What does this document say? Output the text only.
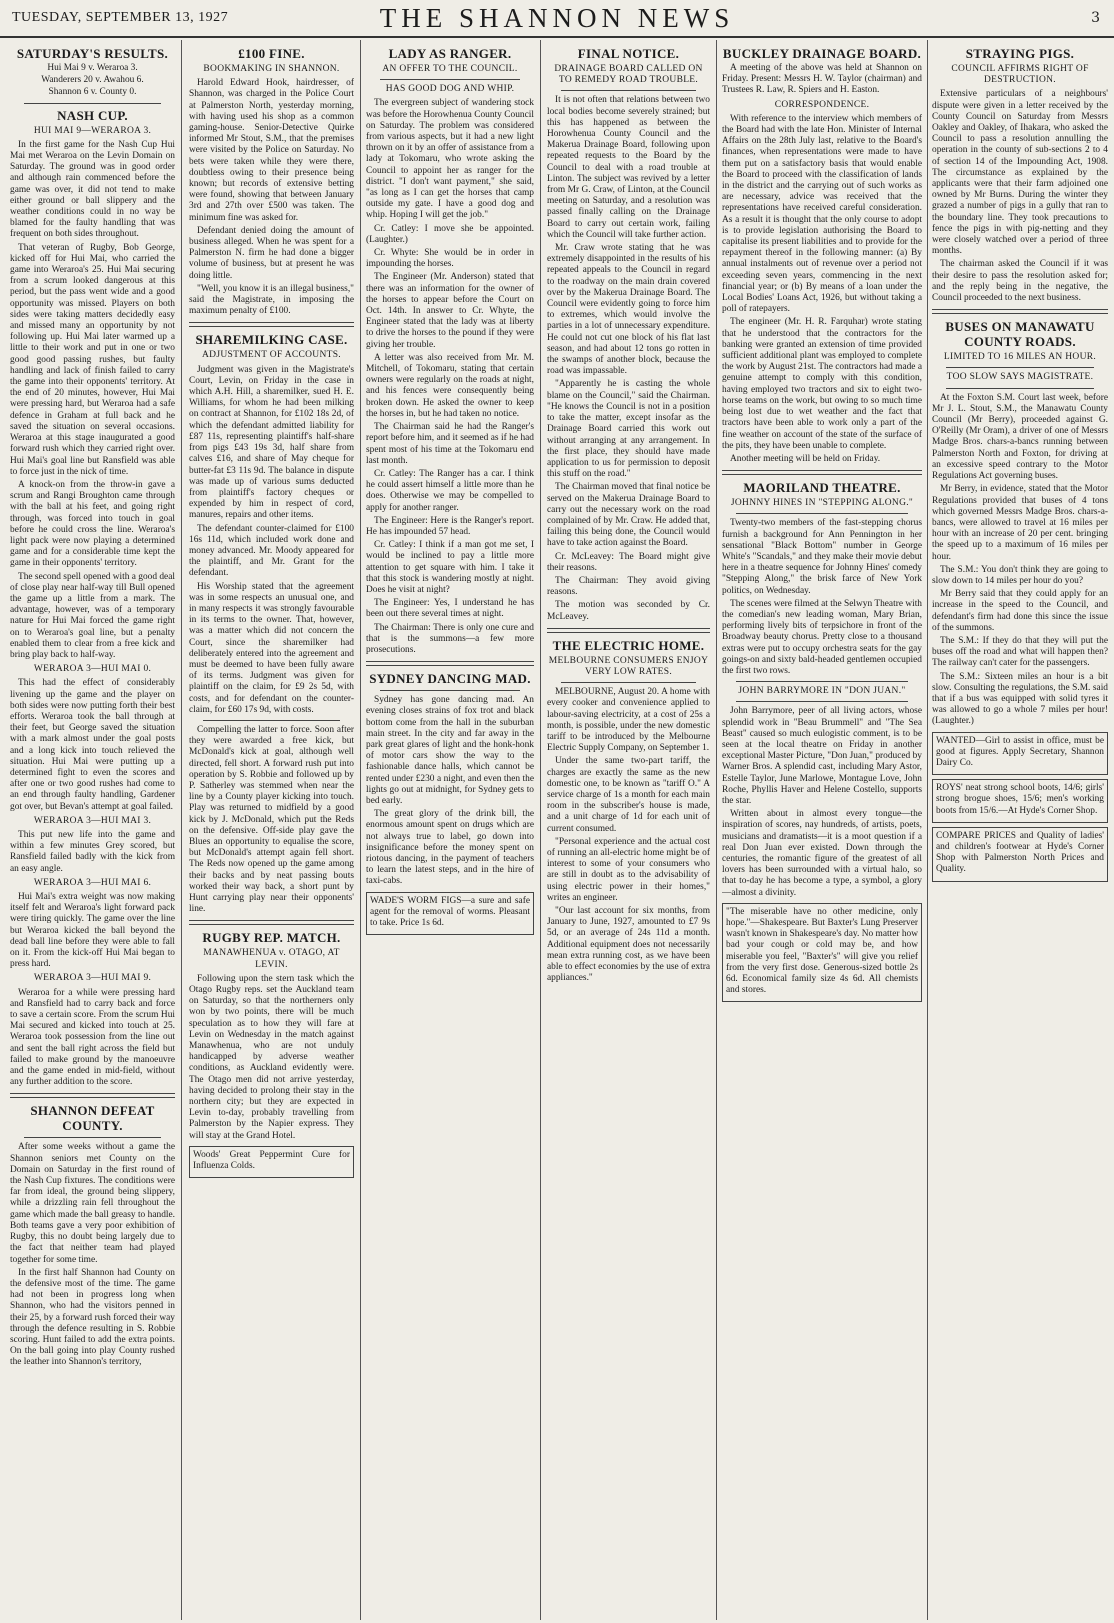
TUESDAY, SEPTEMBER 13, 1927	THE SHANNON NEWS	3
SATURDAY'S RESULTS.

Hui Mai 9 v. Weraroa 3.

Wanderers 20 v. Awahou 6.

Shannon 6 v. County 0.

NASH CUP.
HUI MAI 9—WERAROA 3.

In the first game for the Nash Cup Hui Mai met Weraroa on the Levin Domain on Saturday. The ground was in good order and although rain commenced before the game was over, it did not tend to make either ground or ball slippery and the weather conditions could in no way be blamed for the faulty handling that was frequent on both sides throughout.

That veteran of Rugby, Bob George, kicked off for Hui Mai, who carried the game into Weraroa's 25. Hui Mai securing from a scrum looked dangerous at this period, but the pass went wide and a good opportunity was missed. Players on both sides were taking matters decidedly easy and missed many an opportunity by not following up. Hui Mai later warmed up a little to their work and put in one or two good good passing rushes, but faulty handling and lack of finish failed to carry the game into their opponents' territory. At the end of 20 minutes, however, Hui Mai were pressing hard, but Weraroa had a safe defence in Graham at full back and he saved the situation on several occasions. Weraroa at this stage inaugurated a good forward rush which they carried right over. Hui Mai's goal line but Ransfield was able to force just in the nick of time.

A knock-on from the throw-in gave a scrum and Rangi Broughton came through with the ball at his feet, and going right through, was forced into touch in goal before he could cross the line. Weraroa's light pack were now playing a determined game and for a considerable time kept the game in their opponents' territory.

The second spell opened with a good deal of close play near half-way till Bull opened the game up a little from a mark. The advantage, however, was of a temporary nature for Hui Mai forced the game right on to Weraroa's goal line, but a penalty enabled them to clear from a free kick and bring play back to half-way.

WERAROA 3—HUI MAI 0.

This had the effect of considerably livening up the game and the player on both sides were now putting forth their best efforts. Weraroa took the ball through at their feet, but George saved the situation with a mark almost under the goal posts and a long kick into touch relieved the situation. Hui Mai were putting up a determined fight to even the scores and after one or two good rushes had come to an end through faulty handling, Gardener got over, but Bevan's attempt at goal failed.

WERAROA 3—HUI MAI 3.

This put new life into the game and within a few minutes Grey scored, but Ransfield failed badly with the kick from an easy angle.

WERAROA 3—HUI MAI 6.

Hui Mai's extra weight was now making itself felt and Weraroa's light forward pack were tiring quickly. The game over the line but Weraroa kicked the ball beyond the dead ball line before they were able to fall on it. From the kick-off Hui Mai began to press hard.

WERAROA 3—HUI MAI 9.

Weraroa for a while were pressing hard and Ransfield had to carry back and force to save a certain score. From the scrum Hui Mai secured and kicked into touch at 25. Weraroa took possession from the line out and sent the ball right across the field but failed to make ground by the manoeuvre and the game ended in mid-field, without any further addition to the score.

SHANNON DEFEAT COUNTY.

After some weeks without a game the Shannon seniors met County on the Domain on Saturday in the first round of the Nash Cup fixtures. The conditions were far from ideal, the ground being slippery, while a drizzling rain fell throughout the game which made the ball greasy to handle. Both teams gave a very poor exhibition of Rugby, this no doubt being largely due to the fact that neither team had played together for some time.

In the first half Shannon had County on the defensive most of the time. The game had not been in progress long when Shannon, who had the visitors penned in their 25, by a forward rush forced their way through the defence resulting in S. Robbie scoring. Hunt failed to add the extra points. On the ball going into play County rushed the leather into Shannon's territory,

£100 FINE.
BOOKMAKING IN SHANNON.

Harold Edward Hook, hairdresser, of Shannon, was charged in the Police Court at Palmerston North, yesterday morning, with having used his shop as a common gaming-house. Senior-Detective Quirke informed Mr Stout, S.M., that the premises were visited by the Police on Saturday. No bets were taken while they were there, doubtless owing to their presence being known; but records of extensive betting were found, showing that between January 3rd and 27th over £500 was taken. The minimum fine was asked for.

Defendant denied doing the amount of business alleged. When he was spent for a Palmerston N. firm he had done a bigger volume of business, but at present he was doing little.

"Well, you know it is an illegal business," said the Magistrate, in imposing the maximum penalty of £100.

SHAREMILKING CASE.
ADJUSTMENT OF ACCOUNTS.

Judgment was given in the Magistrate's Court, Levin, on Friday in the case in which A.H. Hill, a sharemilker, sued H. E. Williams, for whom he had been milking on contract at Shannon, for £102 18s 2d, of which the defendant admitted liability for £87 11s, representing plaintiff's half-share from pigs £43 19s 3d, half share from calves £16, and share of May cheque for butter-fat £3 11s 9d. The balance in dispute was made up of various sums deducted from plaintiff's factory cheques or expended by him in respect of cord, manures, repairs and other items.

The defendant counter-claimed for £100 16s 11d, which included work done and money advanced. Mr. Moody appeared for the plaintiff, and Mr. Grant for the defendant.

His Worship stated that the agreement was in some respects an unusual one, and in many respects it was strongly favourable in its terms to the owner. That, however, was a matter which did not concern the Court, since the sharemilker had deliberately entered into the agreement and must be deemed to have been fully aware of its terms. Judgment was given for plaintiff on the claim, for £9 2s 5d, with costs, and for defendant on the counter-claim, for £60 17s 9d, with costs.

Compelling the latter to force. Soon after they were awarded a free kick, but McDonald's kick at goal, although well directed, fell short. A forward rush put into operation by S. Robbie and followed up by P. Satherley was stemmed when near the line by a County player kicking into touch. Play was returned to midfield by a good kick by J. McDonald, which put the Reds on the defensive. Off-side play gave the Blues an opportunity to equalise the score, but McDonald's attempt again fell short. The Reds now opened up the game among their backs and by neat passing bouts worked their way back, a short punt by Hunt carrying play near their opponents' line.

RUGBY REP. MATCH.
MANAWHENUA v. OTAGO, AT LEVIN.

Following upon the stern task which the Otago Rugby reps. set the Auckland team on Saturday, so that the northerners only won by two points, there will be much speculation as to how they will fare at Levin on Wednesday in the match against Manawhenua, who are not unduly handicapped by adverse weather conditions, as Auckland evidently were. The Otago men did not arrive yesterday, having decided to prolong their stay in the northern city; but they are expected in Levin to-day, probably travelling from Palmerston by the Napier express. They will stay at the Grand Hotel.

Woods' Great Peppermint Cure for Influenza Colds.

LADY AS RANGER.
AN OFFER TO THE COUNCIL.
HAS GOOD DOG AND WHIP.

The evergreen subject of wandering stock was before the Horowhenua County Council on Saturday. The problem was considered from various aspects, but it had a new light thrown on it by an offer of assistance from a lady at Tokomaru, who wrote asking the Council to appoint her as ranger for the district. "I don't want payment," she said, "as long as I can get the horses that camp outside my gate. I have a good dog and whip. Hoping I will get the job."

Cr. Catley: I move she be appointed. (Laughter.)

Cr. Whyte: She would be in order in impounding the horses.

The Engineer (Mr. Anderson) stated that there was an information for the owner of the horses to appear before the Court on Oct. 14th. In answer to Cr. Whyte, the Engineer stated that the lady was at liberty to drive the horses to the pound if they were giving her trouble.

A letter was also received from Mr. M. Mitchell, of Tokomaru, stating that certain owners were regularly on the roads at night, and his fences were consequently being broken down. He asked the owner to keep the horses in, but he had taken no notice.

The Chairman said he had the Ranger's report before him, and it seemed as if he had spent most of his time at the Tokomaru end last month.

Cr. Catley: The Ranger has a car. I think he could assert himself a little more than he does. Otherwise we may be compelled to apply for another ranger.

The Engineer: Here is the Ranger's report. He has impounded 57 head.

Cr. Catley: I think if a man got me set, I would be inclined to pay a little more attention to get square with him. I take it that this stock is wandering mostly at night. Does he visit at night?

The Engineer: Yes, I understand he has been out there several times at night.

The Chairman: There is only one cure and that is the summons—a few more prosecutions.

SYDNEY DANCING MAD.

Sydney has gone dancing mad. An evening closes strains of fox trot and black bottom come from the hall in the suburban main street. In the city and far away in the park great glares of light and the honk-honk of motor cars show the way to the fashionable dance halls, which cannot be rented under £230 a night, and even then the lights go out at midnight, for Sydney gets to bed early.

The great glory of the drink bill, the enormous amount spent on drugs which are not always true to label, go down into insignificance before the money spent on riotous dancing, in the payment of teachers to learn the latest steps, and in the hire of taxi-cabs.

WADE'S WORM FIGS—a sure and safe agent for the removal of worms. Pleasant to take. Price 1s 6d.

FINAL NOTICE.
DRAINAGE BOARD CALLED ON TO REMEDY ROAD TROUBLE.

It is not often that relations between two local bodies become severely strained; but this has happened as between the Horowhenua County Council and the Makerua Drainage Board, following upon repeated requests to the Board by the Council to deal with a road trouble at Linton. The subject was revived by a letter from Mr G. Craw, of Linton, at the Council meeting on Saturday, and a resolution was passed finally calling on the Drainage Board to carry out certain work, failing which the Council will take further action.

Mr. Craw wrote stating that he was extremely disappointed in the results of his repeated appeals to the Council in regard to the roadway on the main drain covered over by the Makerua Drainage Board. The Council were evidently going to force him to extremes, which would involve the parties in a lot of unnecessary expenditure. He could not cut one block of his flat last season, and had about 12 tons go rotten in the swamps of another block, because the road was impassable.

"Apparently he is casting the whole blame on the Council," said the Chairman. "He knows the Council is not in a position to take the matter, except insofar as the Drainage Board carried this work out without arranging at any arrangement. In the first place, they should have made application to us for permission to deposit this stuff on the road."

The Chairman moved that final notice be served on the Makerua Drainage Board to carry out the necessary work on the road complained of by Mr. Craw. He added that, failing this being done, the Council would have to take action against the Board.

Cr. McLeavey: The Board might give their reasons.

The Chairman: They avoid giving reasons.

The motion was seconded by Cr. McLeavey.

THE ELECTRIC HOME.
MELBOURNE CONSUMERS ENJOY VERY LOW RATES.

MELBOURNE, August 20. A home with every cooker and convenience applied to labour-saving electricity, at a cost of 25s a month, is possible, under the new domestic tariff to be introduced by the Melbourne Electric Supply Company, on September 1.

Under the same two-part tariff, the charges are exactly the same as the new domestic one, to be known as "tariff O." A service charge of 1s a month for each main room in the subscriber's house is made, and a unit charge of 1d for each unit of current consumed.

"Personal experience and the actual cost of running an all-electric home might be of interest to some of your consumers who are still in doubt as to the advisability of using electric power in their homes," writes an engineer.

"Our last account for six months, from January to June, 1927, amounted to £7 9s 5d, or an average of 24s 11d a month. Additional equipment does not necessarily mean extra running cost, as we have been able to effect economies by the use of extra appliances."

BUCKLEY DRAINAGE BOARD.

A meeting of the above was held at Shannon on Friday. Present: Messrs H. W. Taylor (chairman) and Trustees R. Law, R. Spiers and H. Easton.

CORRESPONDENCE.

With reference to the interview which members of the Board had with the late Hon. Minister of Internal Affairs on the 28th July last, relative to the Board's finances, when representations were made to have them put on a satisfactory basis that would enable the Board to proceed with the classification of lands in the district and the carrying out of such works as are necessary, advice was received that the representations have received careful consideration. As a result it is thought that the only course to adopt is to provide legislation authorising the Board to capitalise its present liabilities and to provide for the repayment thereof in the following manner: (a) By annual instalments out of revenue over a period not exceeding seven years, commencing in the next financial year; or (b) By means of a loan under the Local Bodies' Loans Act, 1926, but without taking a poll of ratepayers.

The engineer (Mr. H. R. Farquhar) wrote stating that he understood that the contractors for the banking were granted an extension of time provided sufficient additional plant was employed to complete the work by August 21st. The contractors had made a genuine attempt to comply with this condition, having employed two tractors and six to eight two-horse teams on the work, but owing to so much time being lost due to wet weather and the fact that tractors have been able to work only a part of the fine weather on account of the state of the surface of the pits, they have been unable to complete.

Another meeting will be held on Friday.

MAORILAND THEATRE.
JOHNNY HINES IN "STEPPING ALONG."

Twenty-two members of the fast-stepping chorus furnish a background for Ann Pennington in her sensational "Black Bottom" number in George White's "Scandals," and they make their movie debut here in a theatre sequence for Johnny Hines' comedy "Stepping Along," the brisk farce of New York politics, on Wednesday.

The scenes were filmed at the Selwyn Theatre with the comedian's new leading woman, Mary Brian, performing lively bits of terpsichore in front of the Broadway beauty chorus. Pretty close to a thousand extras were put to occupy orchestra seats for the gay goings-on and sixty bald-headed gentlemen occupied the first two rows.

JOHN BARRYMORE IN "DON JUAN."

John Barrymore, peer of all living actors, whose splendid work in "Beau Brummell" and "The Sea Beast" caused so much eulogistic comment, is to be seen at the local theatre on Friday in another exceptional Master Picture, "Don Juan," produced by Warner Bros. A splendid cast, including Mary Astor, Estelle Taylor, June Marlowe, Montague Love, John Roche, Phyllis Haver and Helene Costello, supports the star.

Written about in almost every tongue—the inspiration of scores, nay hundreds, of artists, poets, musicians and dramatists—it is a moot question if a real Don Juan ever existed. Down through the centuries, the romantic figure of the greatest of all lovers has been surrounded with a virtual halo, so that to-day he has become a type, a symbol, a glory—almost a divinity.

"The miserable have no other medicine, only hope."—Shakespeare. But Baxter's Lung Preserver wasn't known in Shakespeare's day. No matter how bad your cough or cold may be, and how miserable you feel, "Baxter's" will give you relief from the very first dose. Generous-sized bottle 2s 6d. Economical family size 4s 6d. All chemists and stores.

STRAYING PIGS.
COUNCIL AFFIRMS RIGHT OF DESTRUCTION.

Extensive particulars of a neighbours' dispute were given in a letter received by the County Council on Saturday from Messrs Oakley and Oakley, of Ihakara, who asked the Council to pass a resolution annulling the operation in the county of sub-sections 2 to 4 of section 14 of the Impounding Act, 1908. The circumstance as explained by the applicants were that their farm adjoined one owned by Mr Burns. During the winter they grazed a number of pigs in a gully that ran to the boundary line. They took precautions to fence the pigs in with pig-netting and they were closely watched over a period of three months.

The chairman asked the Council if it was their desire to pass the resolution asked for; and the reply being in the negative, the Council proceeded to the next business.

BUSES ON MANAWATU COUNTY ROADS.
LIMITED TO 16 MILES AN HOUR.
TOO SLOW SAYS MAGISTRATE.

At the Foxton S.M. Court last week, before Mr J. L. Stout, S.M., the Manawatu County Council (Mr Berry), proceeded against G. O'Reilly (Mr Oram), a driver of one of Messrs Madge Bros. chars-a-bancs running between Palmerston North and Foxton, for driving at an excessive speed contrary to the Motor Regulations Act governing buses.

Mr Berry, in evidence, stated that the Motor Regulations provided that buses of 4 tons which governed Messrs Madge Bros. chars-a-bancs, were allowed to travel at 16 miles per hour with an increase of 20 per cent. bringing the speed up to a maximum of 16 miles per hour.

The S.M.: You don't think they are going to slow down to 14 miles per hour do you?

Mr Berry said that they could apply for an increase in the speed to the Council, and defendant's firm had done this since the issue of the summons.

The S.M.: If they do that they will put the buses off the road and what will happen then? The railway can't cater for the passengers.

The S.M.: Sixteen miles an hour is a bit slow. Consulting the regulations, the S.M. said that if a bus was equipped with solid tyres it was allowed to go a whole 7 miles per hour! (Laughter.)

WANTED—Girl to assist in office, must be good at figures. Apply Secretary, Shannon Dairy Co.

ROYS' neat strong school boots, 14/6; girls' strong brogue shoes, 15/6; men's working boots from 15/6.—At Hyde's Corner Shop.

COMPARE PRICES and Quality of ladies' and children's footwear at Hyde's Corner Shop with Palmerston North Prices and Quality.
